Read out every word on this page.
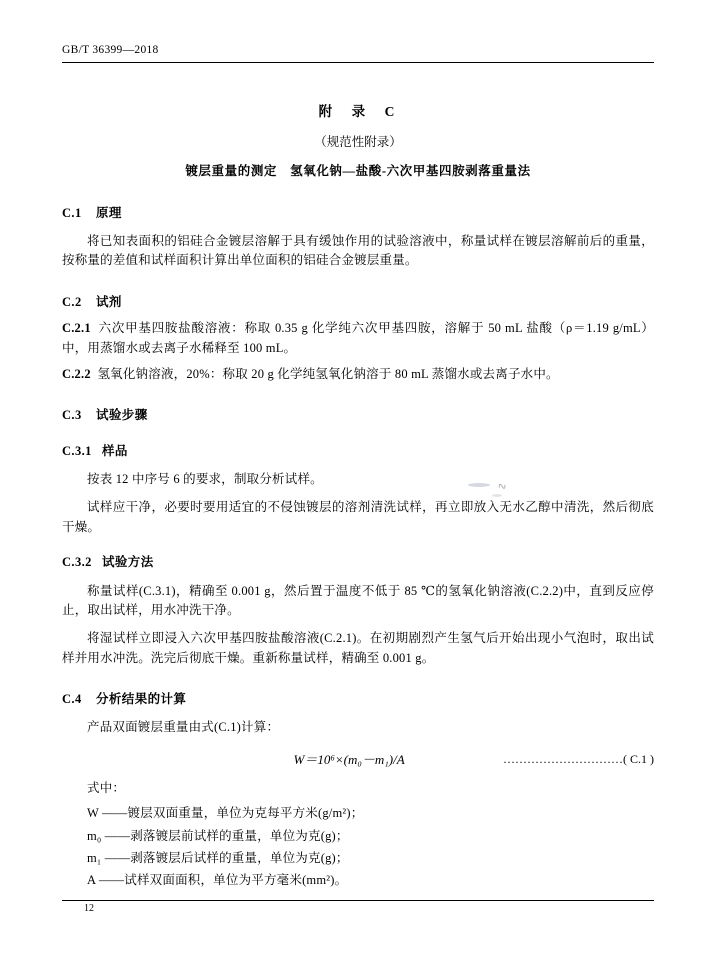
GB/T 36399—2018
附　录　C
（规范性附录）
镀层重量的测定　氢氧化钠—盐酸-六次甲基四胺剥落重量法
C.1 原理

将已知表面积的铝硅合金镀层溶解于具有缓蚀作用的试验溶液中，称量试样在镀层溶解前后的重量，按称量的差值和试样面积计算出单位面积的铝硅合金镀层重量。

C.2 试剂

C.2.1 六次甲基四胺盐酸溶液：称取 0.35 g 化学纯六次甲基四胺，溶解于 50 mL 盐酸（ρ＝1.19 g/mL）中，用蒸馏水或去离子水稀释至 100 mL。

C.2.2 氢氧化钠溶液，20%：称取 20 g 化学纯氢氧化钠溶于 80 mL 蒸馏水或去离子水中。

C.3 试验步骤
C.3.1 样品

按表 12 中序号 6 的要求，制取分析试样。

试样应干净，必要时要用适宜的不侵蚀镀层的溶剂清洗试样，再立即放入无水乙醇中清洗，然后彻底干燥。

C.3.2 试验方法

称量试样(C.3.1)，精确至 0.001 g，然后置于温度不低于 85 ℃的氢氧化钠溶液(C.2.2)中，直到反应停止，取出试样，用水冲洗干净。

将湿试样立即浸入六次甲基四胺盐酸溶液(C.2.1)。在初期剧烈产生氢气后开始出现小气泡时，取出试样并用水冲洗。洗完后彻底干燥。重新称量试样，精确至 0.001 g。

C.4 分析结果的计算

产品双面镀层重量由式(C.1)计算：

W＝10⁶×(m₀－m₁)/A	…………………………( C.1 )

式中：

W ——镀层双面重量，单位为克每平方米(g/m²)；
m₀ ——剥落镀层前试样的重量，单位为克(g)；
m₁ ——剥落镀层后试样的重量，单位为克(g)；
A ——试样双面面积，单位为平方毫米(mm²)。
∿
12
